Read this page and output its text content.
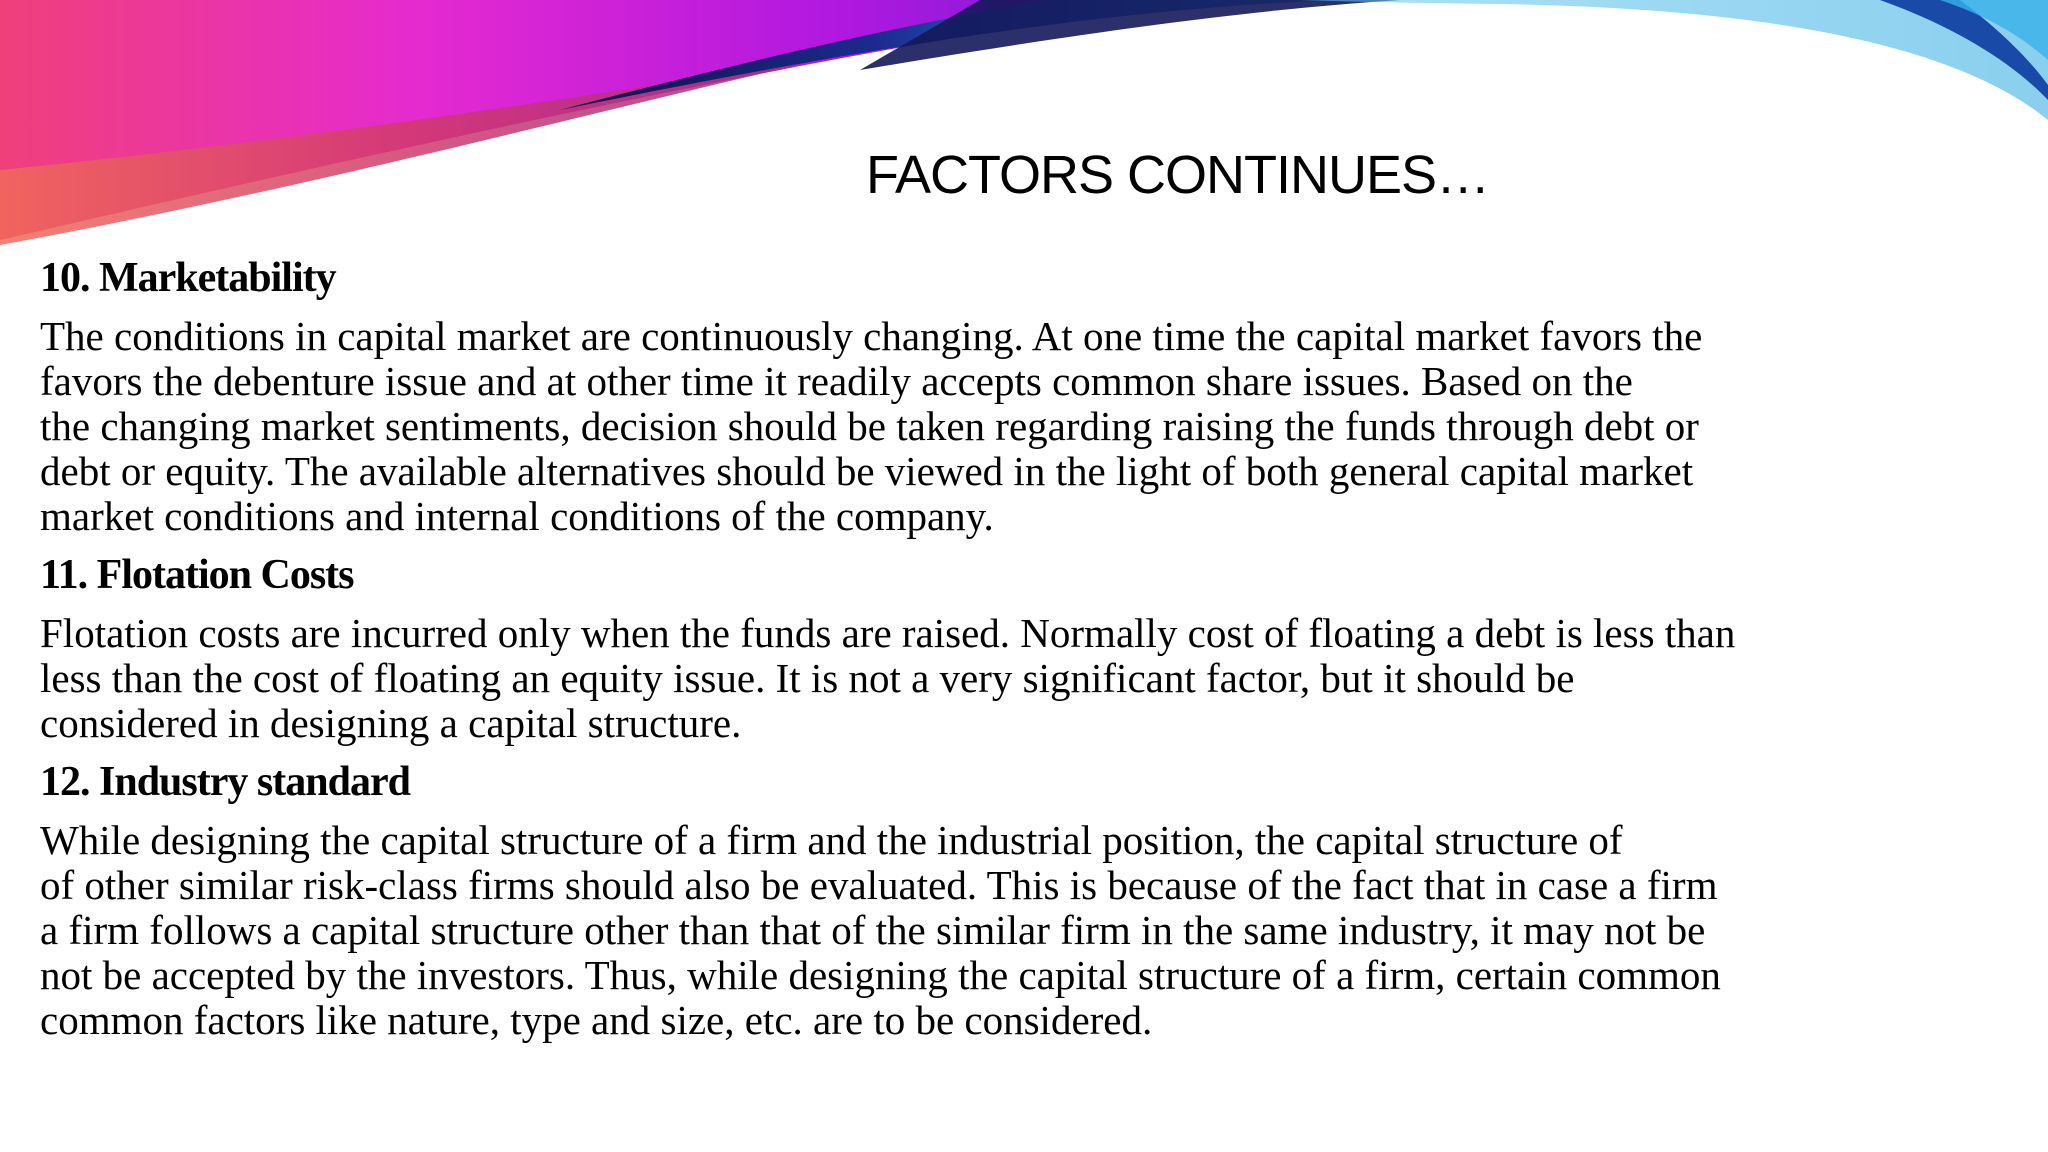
FACTORS CONTINUES…
10. Marketability
The conditions in capital market are continuously changing. At one time the capital market favors the
favors the debenture issue and at other time it readily accepts common share issues. Based on the
the changing market sentiments, decision should be taken regarding raising the funds through debt or
debt or equity. The available alternatives should be viewed in the light of both general capital market
market conditions and internal conditions of the company.
11. Flotation Costs
Flotation costs are incurred only when the funds are raised. Normally cost of floating a debt is less than
less than the cost of floating an equity issue. It is not a very significant factor, but it should be
considered in designing a capital structure.
12. Industry standard
While designing the capital structure of a firm and the industrial position, the capital structure of
of other similar risk-class firms should also be evaluated. This is because of the fact that in case a firm
a firm follows a capital structure other than that of the similar firm in the same industry, it may not be
not be accepted by the investors. Thus, while designing the capital structure of a firm, certain common
common factors like nature, type and size, etc. are to be considered.
